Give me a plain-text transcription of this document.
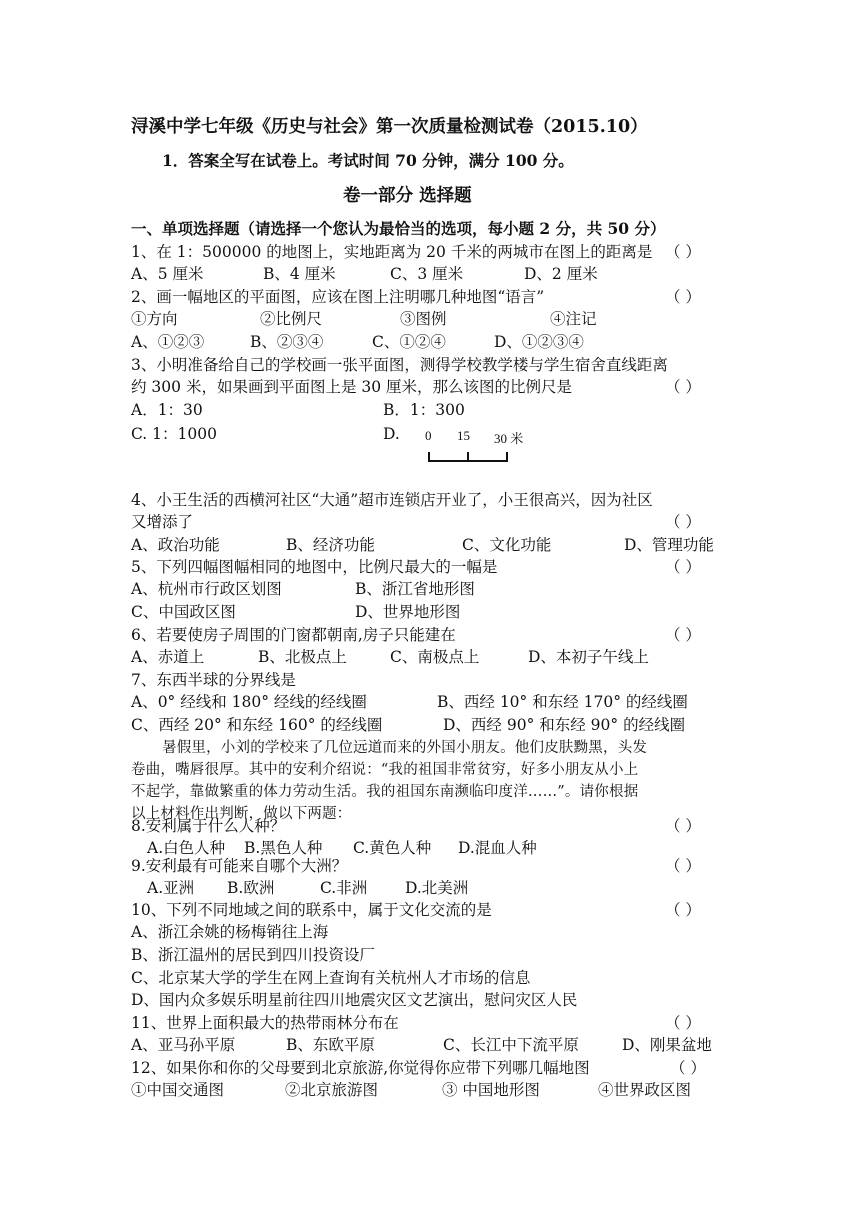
浔溪中学七年级《历史与社会》第一次质量检测试卷（2015.10）
1．答案全写在试卷上。考试时间 70 分钟，满分 100 分。
卷一部分 选择题
一、单项选择题（请选择一个您认为最恰当的选项，每小题 2 分，共 50 分）
1、在 1：500000 的地图上，实地距离为 20 千米的两城市在图上的距离是 （ ）
A、5 厘米	B、4 厘米	C、3 厘米	D、2 厘米
2、画一幅地区的平面图，应该在图上注明哪几种地图“语言”	（ ）
①方向	②比例尺	③图例	④注记
A、①②③	B、②③④	C、①②④	D、①②③④
3、小明准备给自己的学校画一张平面图，测得学校教学楼与学生宿舍直线距离
约 300 米，如果画到平面图上是 30 厘米，那么该图的比例尺是	（ ）
A．1：30	B．1：300
C. 1：1000	D. 0 15 30 米
4、小王生活的西横河社区“大通”超市连锁店开业了，小王很高兴，因为社区
又增添了	（ ）
A、政治功能	B、经济功能	C、文化功能	D、管理功能
5、下列四幅图幅相同的地图中，比例尺最大的一幅是	（ ）
A、杭州市行政区划图	B、浙江省地形图
C、中国政区图	D、世界地形图
6、若要使房子周围的门窗都朝南,房子只能建在	（ ）
A、赤道上	B、北极点上	C、南极点上	D、本初子午线上
7、东西半球的分界线是
A、0° 经线和 180° 经线的经线圈	B、西经 10° 和东经 170° 的经线圈
C、西经 20° 和东经 160° 的经线圈	D、西经 90° 和东经 90° 的经线圈
暑假里，小刘的学校来了几位远道而来的外国小朋友。他们皮肤黝黑，头发
卷曲，嘴唇很厚。其中的安利介绍说：“我的祖国非常贫穷，好多小朋友从小上
不起学，靠做繁重的体力劳动生活。我的祖国东南濒临印度洋……”。请你根据
以上材料作出判断，做以下两题：
8.安利属于什么人种？	（ ）
A.白色人种 B.黑色人种 C.黄色人种 D.混血人种
9.安利最有可能来自哪个大洲？	（ ）
A.亚洲 B.欧洲	C.非洲 D.北美洲
10、下列不同地域之间的联系中，属于文化交流的是	（ ）
A、浙江余姚的杨梅销往上海
B、浙江温州的居民到四川投资设厂
C、北京某大学的学生在网上查询有关杭州人才市场的信息
D、国内众多娱乐明星前往四川地震灾区文艺演出，慰问灾区人民
11、世界上面积最大的热带雨林分布在	（ ）
A、亚马孙平原	B、东欧平原	C、长江中下流平原	D、刚果盆地
12、如果你和你的父母要到北京旅游,你觉得你应带下列哪几幅地图	（ ）
①中国交通图	②北京旅游图	③ 中国地形图	④世界政区图
